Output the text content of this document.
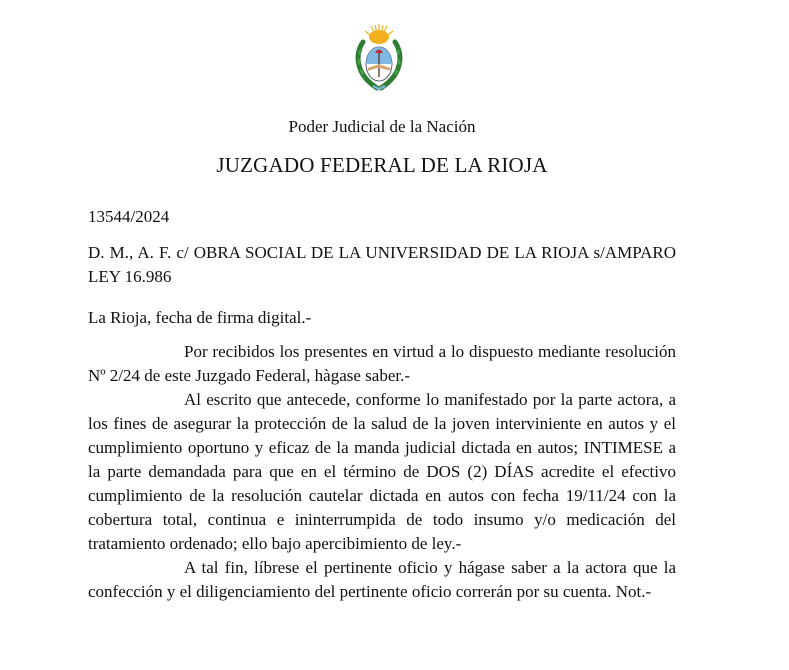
Poder Judicial de la Nación
JUZGADO FEDERAL DE LA RIOJA
13544/2024
D. M., A. F. c/ OBRA SOCIAL DE LA UNIVERSIDAD DE LA RIOJA s/AMPARO LEY 16.986
La Rioja, fecha de firma digital.-

Por recibidos los presentes en virtud a lo dispuesto mediante resolución Nº 2/24 de este Juzgado Federal, hàgase saber.-

Al escrito que antecede, conforme lo manifestado por la parte actora, a los fines de asegurar la protección de la salud de la joven interviniente en autos y el cumplimiento oportuno y eficaz de la manda judicial dictada en autos; INTIMESE a la parte demandada para que en el término de DOS (2) DÍAS acredite el efectivo cumplimiento de la resolución cautelar dictada en autos con fecha 19/11/24 con la cobertura total, continua e ininterrumpida de todo insumo y/o medicación del tratamiento ordenado; ello bajo apercibimiento de ley.-

A tal fin, líbrese el pertinente oficio y hágase saber a la actora que la confección y el diligenciamiento del pertinente oficio correrán por su cuenta. Not.-
